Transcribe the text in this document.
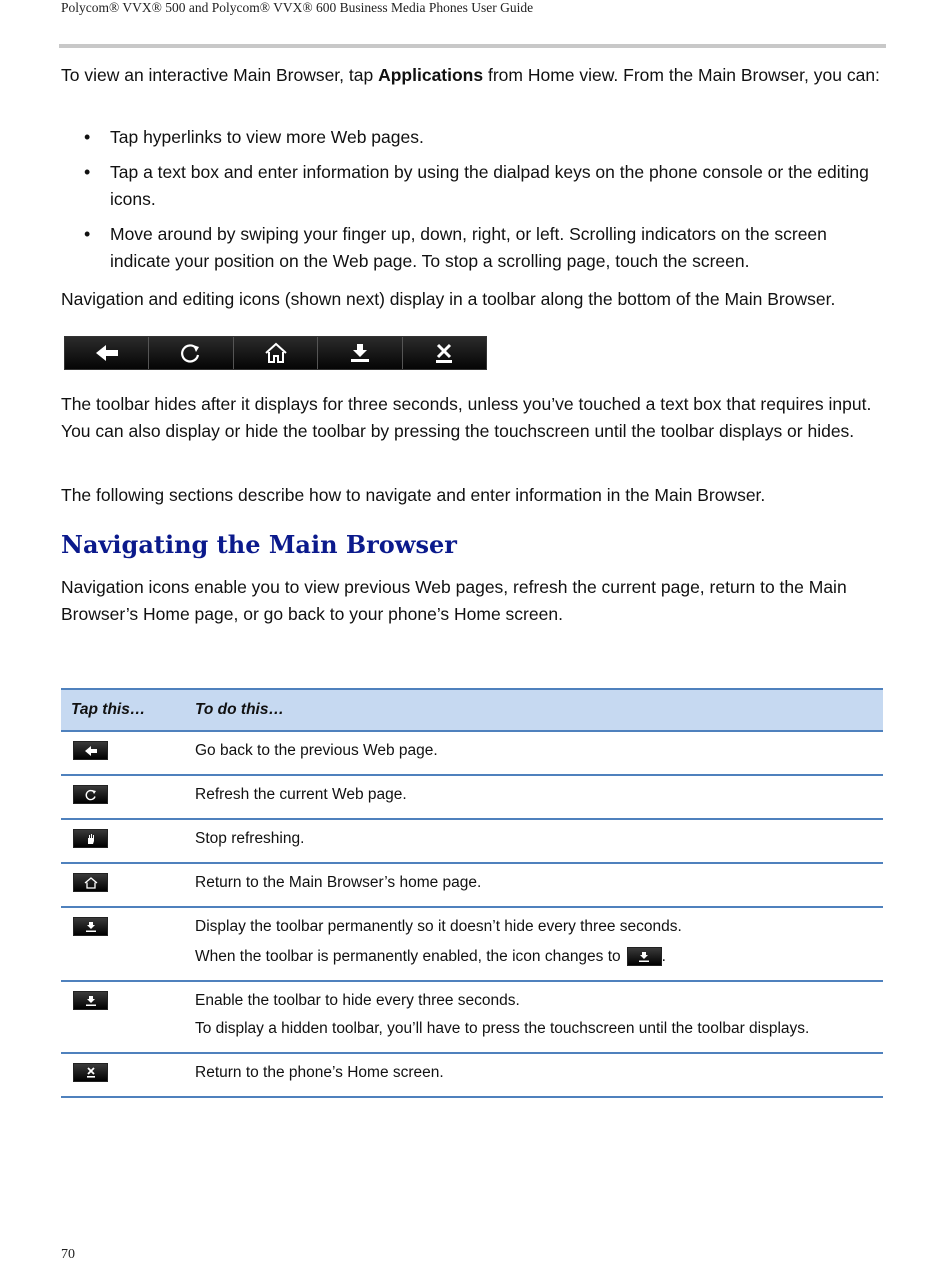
Polycom® VVX® 500 and Polycom® VVX® 600 Business Media Phones User Guide

To view an interactive Main Browser, tap Applications from Home view. From the Main Browser, you can:

• Tap hyperlinks to view more Web pages.
• Tap a text box and enter information by using the dialpad keys on the phone console or the editing icons.
• Move around by swiping your finger up, down, right, or left. Scrolling indicators on the screen indicate your position on the Web page. To stop a scrolling page, touch the screen.

Navigation and editing icons (shown next) display in a toolbar along the bottom of the Main Browser.

The toolbar hides after it displays for three seconds, unless you’ve touched a text box that requires input. You can also display or hide the toolbar by pressing the touchscreen until the toolbar displays or hides.

The following sections describe how to navigate and enter information in the Main Browser.

Navigating the Main Browser

Navigation icons enable you to view previous Web pages, refresh the current page, return to the Main Browser’s Home page, or go back to your phone’s Home screen.

Tap this…	To do this…
Go back to the previous Web page.
Refresh the current Web page.
Stop refreshing.
Return to the Main Browser’s home page.
Display the toolbar permanently so it doesn’t hide every three seconds.
When the toolbar is permanently enabled, the icon changes to	.
Enable the toolbar to hide every three seconds.
To display a hidden toolbar, you’ll have to press the touchscreen until the toolbar displays.
Return to the phone’s Home screen.
70
